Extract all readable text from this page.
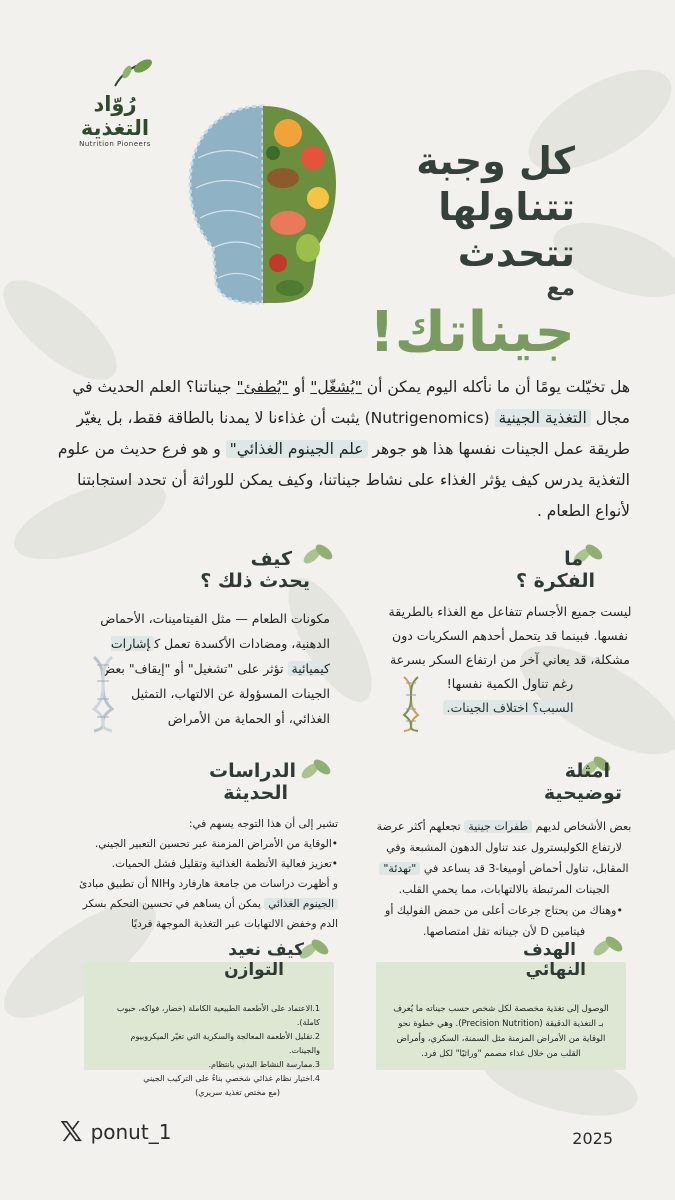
رُوّاد التغذية
Nutrition Pioneers	كل وجبة
تتناولها
تتحدث
مع
جيناتك!
هل تخيّلت يومًا أن ما نأكله اليوم يمكن أن "يُشغّل" أو "يُطفئ" جيناتنا؟ العلم الحديث في مجال التغذية الجينية (Nutrigenomics) يثبت أن غذاءنا لا يمدنا بالطاقة فقط، بل يغيّر طريقة عمل الجينات نفسها هذا هو جوهر علم الجينوم الغذائي" و هو فرع حديث من علوم التغذية يدرس كيف يؤثر الغذاء على نشاط جيناتنا، وكيف يمكن للوراثة أن تحدد استجابتنا لأنواع الطعام .
ما
الفكرة ؟
ليست جميع الأجسام تتفاعل مع الغذاء بالطريقة نفسها. فبينما قد يتحمل أحدهم السكريات دون مشكلة، قد يعاني آخر من ارتفاع السكر بسرعة رغم تناول الكمية نفسها!
السبب؟ اختلاف الجينات.
كيف
يحدث ذلك ؟
مكونات الطعام — مثل الفيتامينات، الأحماض الدهنية، ومضادات الأكسدة تعمل كإشارات كيميائية تؤثر على "تشغيل" أو "إيقاف" بعض الجينات المسؤولة عن الالتهاب، التمثيل الغذائي، أو الحماية من الأمراض
امثلة
توضيحية
بعض الأشخاص لديهم طفرات جينية تجعلهم أكثر عرضة لارتفاع الكوليسترول عند تناول الدهون المشبعة وفي المقابل، تناول أحماض أوميغا-3 قد يساعد في "تهدئة" الجينات المرتبطة بالالتهابات، مما يحمي القلب.
•وهناك من يحتاج جرعات أعلى من حمض الفوليك أو فيتامين D لأن جيناته تقل امتصاصها.
الدراسات
الحديثة
تشير إلى أن هذا التوجه يسهم في:
•الوقاية من الأمراض المزمنة عبر تحسين التعبير الجيني.
•تعزيز فعالية الأنظمة الغذائية وتقليل فشل الحميات.
و أظهرت دراسات من جامعة هارفارد وNIH أن تطبيق مبادئ الجينوم الغذائي يمكن أن يساهم في تحسين التحكم بسكر الدم وخفض الالتهابات عبر التغذية الموجهة فرديًا
الهدف
النهائي
الوصول إلى تغذية مخصصة لكل شخص حسب جيناته ما يُعرف بـ التغذية الدقيقة (Precision Nutrition). وهي خطوة نحو الوقاية من الأمراض المزمنة مثل السمنة، السكري، وأمراض القلب من خلال غذاء مصمم "وراثيًا" لكل فرد.
كيف نعيد
التوازن
1.الاعتماد على الأطعمة الطبيعية الكاملة (خضار، فواكه، حبوب كاملة).
2.تقليل الأطعمة المعالجة والسكرية التي تغيّر الميكروبيوم والجينات.
3.ممارسة النشاط البدني بانتظام.
4.اختيار نظام غذائي شخصي بناءً على التركيب الجيني
(مع مختص تغذية سريري)
𝕏 ponut_1	2025
